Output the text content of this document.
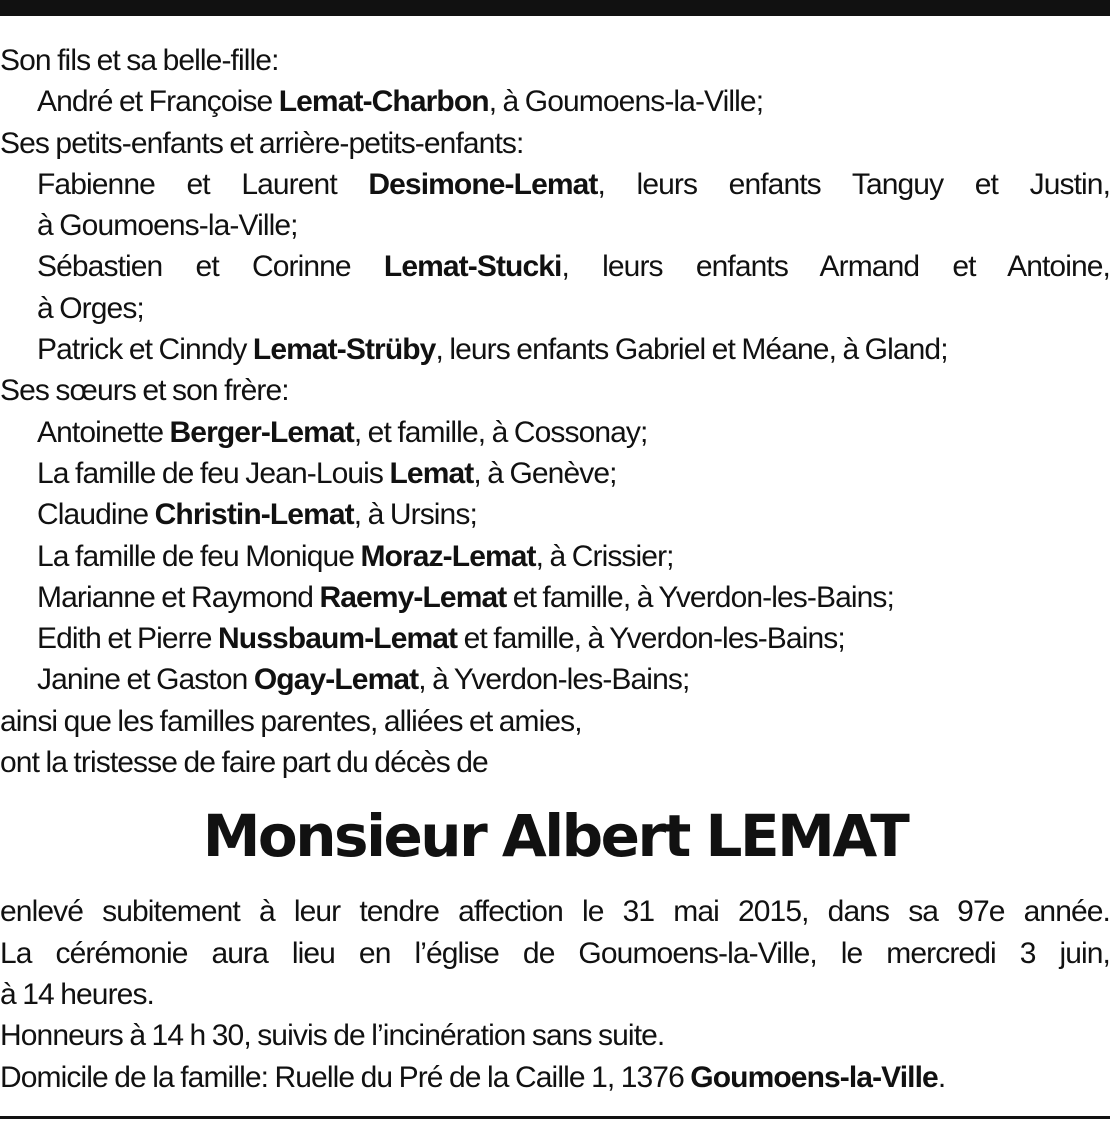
Son fils et sa belle-fille:

André et Françoise Lemat-Charbon, à Goumoens-la-Ville;

Ses petits-enfants et arrière-petits-enfants:

Fabienne et Laurent Desimone-Lemat, leurs enfants Tanguy et Justin,

à Goumoens-la-Ville;

Sébastien et Corinne Lemat-Stucki, leurs enfants Armand et Antoine,

à Orges;

Patrick et Cinndy Lemat-Strüby, leurs enfants Gabriel et Méane, à Gland;

Ses sœurs et son frère:

Antoinette Berger-Lemat, et famille, à Cossonay;

La famille de feu Jean-Louis Lemat, à Genève;

Claudine Christin-Lemat, à Ursins;

La famille de feu Monique Moraz-Lemat, à Crissier;

Marianne et Raymond Raemy-Lemat et famille, à Yverdon-les-Bains;

Edith et Pierre Nussbaum-Lemat et famille, à Yverdon-les-Bains;

Janine et Gaston Ogay-Lemat, à Yverdon-les-Bains;

ainsi que les familles parentes, alliées et amies,

ont la tristesse de faire part du décès de

Monsieur Albert LEMAT

enlevé subitement à leur tendre affection le 31 mai 2015, dans sa 97e année.

La cérémonie aura lieu en l’église de Goumoens-la-Ville, le mercredi 3 juin,

à 14 heures.

Honneurs à 14 h 30, suivis de l’incinération sans suite.

Domicile de la famille: Ruelle du Pré de la Caille 1, 1376 Goumoens-la-Ville.
